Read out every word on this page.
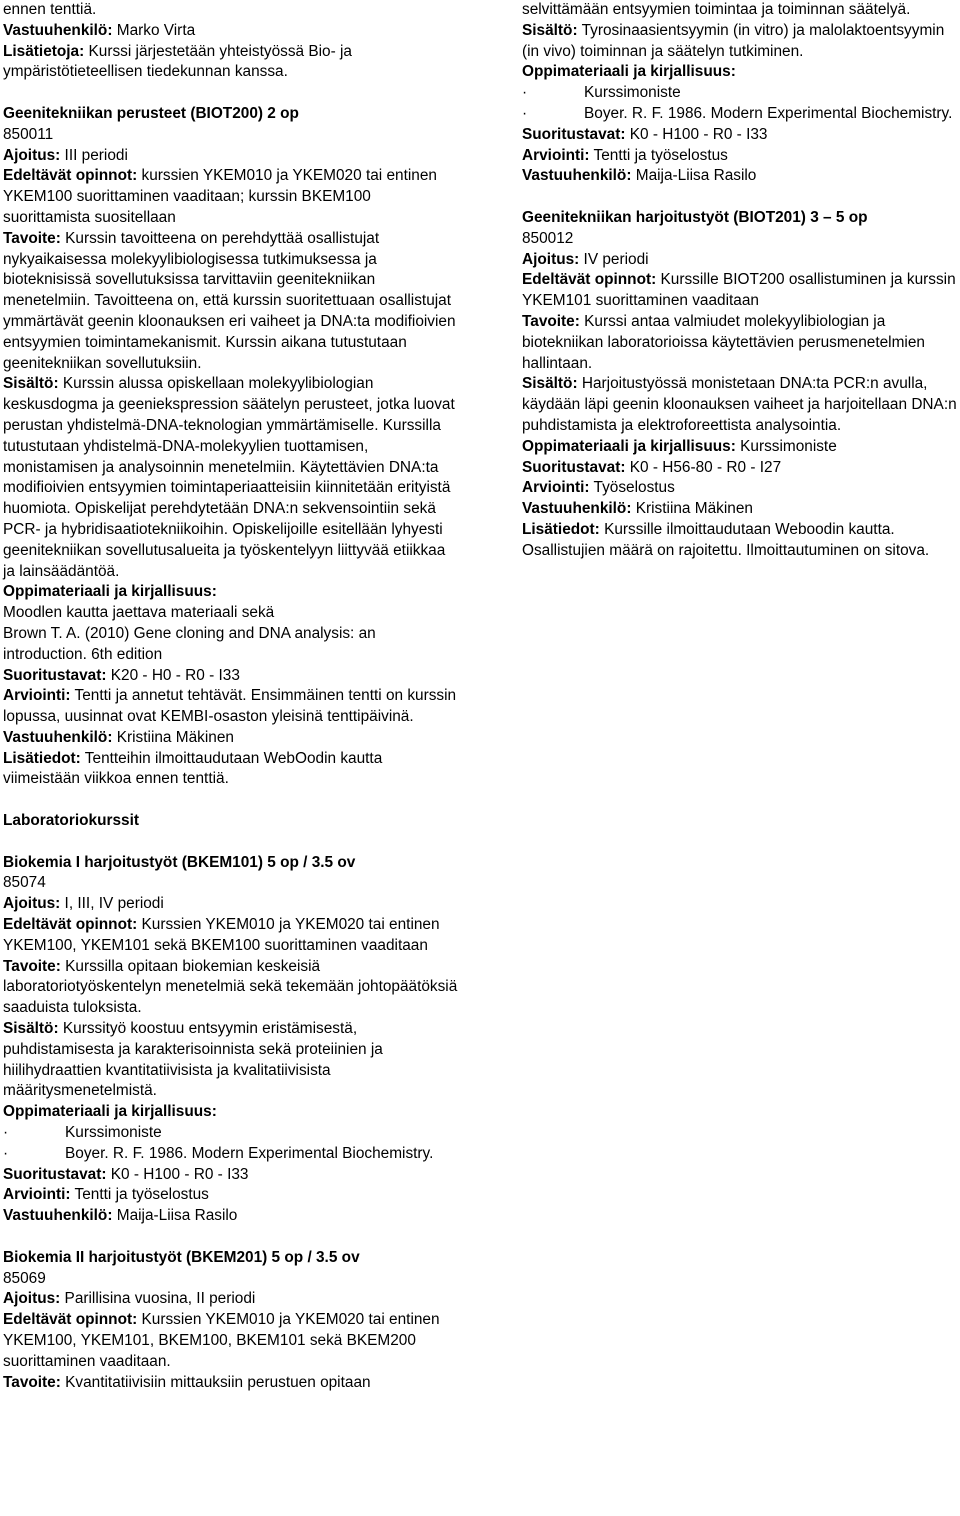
ennen tenttiä.

Vastuuhenkilö: Marko Virta

Lisätietoja: Kurssi järjestetään yhteistyössä Bio- ja ympäristötieteellisen tiedekunnan kanssa.

Geenitekniikan perusteet (BIOT200) 2 op

850011

Ajoitus: III periodi

Edeltävät opinnot: kurssien YKEM010 ja YKEM020 tai entinen YKEM100 suorittaminen vaaditaan; kurssin BKEM100 suorittamista suositellaan

Tavoite: Kurssin tavoitteena on perehdyttää osallistujat nykyaikaisessa molekyylibiologisessa tutkimuksessa ja bioteknisissä sovellutuksissa tarvittaviin geenitekniikan menetelmiin. Tavoitteena on, että kurssin suoritettuaan osallistujat ymmärtävät geenin kloonauksen eri vaiheet ja DNA:ta modifioivien entsyymien toimintamekanismit. Kurssin aikana tutustutaan geenitekniikan sovellutuksiin.

Sisältö: Kurssin alussa opiskellaan molekyylibiologian keskusdogma ja geeniekspression säätelyn perusteet, jotka luovat perustan yhdistelmä-DNA-teknologian ymmärtämiselle. Kurssilla tutustutaan yhdistelmä-DNA-molekyylien tuottamisen, monistamisen ja analysoinnin menetelmiin. Käytettävien DNA:ta modifioivien entsyymien toimintaperiaatteisiin kiinnitetään erityistä huomiota. Opiskelijat perehdytetään DNA:n sekvensointiin sekä PCR- ja hybridisaatiotekniikoihin. Opiskelijoille esitellään lyhyesti geenitekniikan sovellutusalueita ja työskentelyyn liittyvää etiikkaa ja lainsäädäntöä.

Oppimateriaali ja kirjallisuus:

Moodlen kautta jaettava materiaali sekä

Brown T. A. (2010) Gene cloning and DNA analysis: an introduction. 6th edition

Suoritustavat: K20 - H0 - R0 - I33

Arviointi: Tentti ja annetut tehtävät. Ensimmäinen tentti on kurssin lopussa, uusinnat ovat KEMBI-osaston yleisinä tenttipäivinä.

Vastuuhenkilö: Kristiina Mäkinen

Lisätiedot: Tentteihin ilmoittaudutaan WebOodin kautta viimeistään viikkoa ennen tenttiä.

Laboratoriokurssit

Biokemia I harjoitustyöt (BKEM101) 5 op / 3.5 ov

85074

Ajoitus: I, III, IV periodi

Edeltävät opinnot: Kurssien YKEM010 ja YKEM020 tai entinen YKEM100, YKEM101 sekä BKEM100 suorittaminen vaaditaan

Tavoite: Kurssilla opitaan biokemian keskeisiä laboratoriotyöskentelyn menetelmiä sekä tekemään johtopäätöksiä saaduista tuloksista.

Sisältö: Kurssityö koostuu entsyymin eristämisestä, puhdistamisesta ja karakterisoinnista sekä proteiinien ja hiilihydraattien kvantitatiivisista ja kvalitatiivisista määritysmenetelmistä.

Oppimateriaali ja kirjallisuus:

· Kurssimoniste

· Boyer. R. F. 1986. Modern Experimental Biochemistry.

Suoritustavat: K0 - H100 - R0 - I33

Arviointi: Tentti ja työselostus

Vastuuhenkilö: Maija-Liisa Rasilo

Biokemia II harjoitustyöt (BKEM201) 5 op / 3.5 ov

85069

Ajoitus: Parillisina vuosina, II periodi

Edeltävät opinnot: Kurssien YKEM010 ja YKEM020 tai entinen YKEM100, YKEM101, BKEM100, BKEM101 sekä BKEM200 suorittaminen vaaditaan.

Tavoite: Kvantitatiivisiin mittauksiin perustuen opitaan

selvittämään entsyymien toimintaa ja toiminnan säätelyä.

Sisältö: Tyrosinaasientsyymin (in vitro) ja malolaktoentsyymin (in vivo) toiminnan ja säätelyn tutkiminen.

Oppimateriaali ja kirjallisuus:

· Kurssimoniste

· Boyer. R. F. 1986. Modern Experimental Biochemistry.

Suoritustavat: K0 - H100 - R0 - I33

Arviointi: Tentti ja työselostus

Vastuuhenkilö: Maija-Liisa Rasilo

Geenitekniikan harjoitustyöt (BIOT201) 3 – 5 op

850012

Ajoitus: IV periodi

Edeltävät opinnot: Kurssille BIOT200 osallistuminen ja kurssin YKEM101 suorittaminen vaaditaan

Tavoite: Kurssi antaa valmiudet molekyylibiologian ja biotekniikan laboratorioissa käytettävien perusmenetelmien hallintaan.

Sisältö: Harjoitustyössä monistetaan DNA:ta PCR:n avulla, käydään läpi geenin kloonauksen vaiheet ja harjoitellaan DNA:n puhdistamista ja elektroforeettista analysointia.

Oppimateriaali ja kirjallisuus: Kurssimoniste

Suoritustavat: K0 - H56-80 - R0 - I27

Arviointi: Työselostus

Vastuuhenkilö: Kristiina Mäkinen

Lisätiedot: Kurssille ilmoittaudutaan Weboodin kautta. Osallistujien määrä on rajoitettu. Ilmoittautuminen on sitova.
